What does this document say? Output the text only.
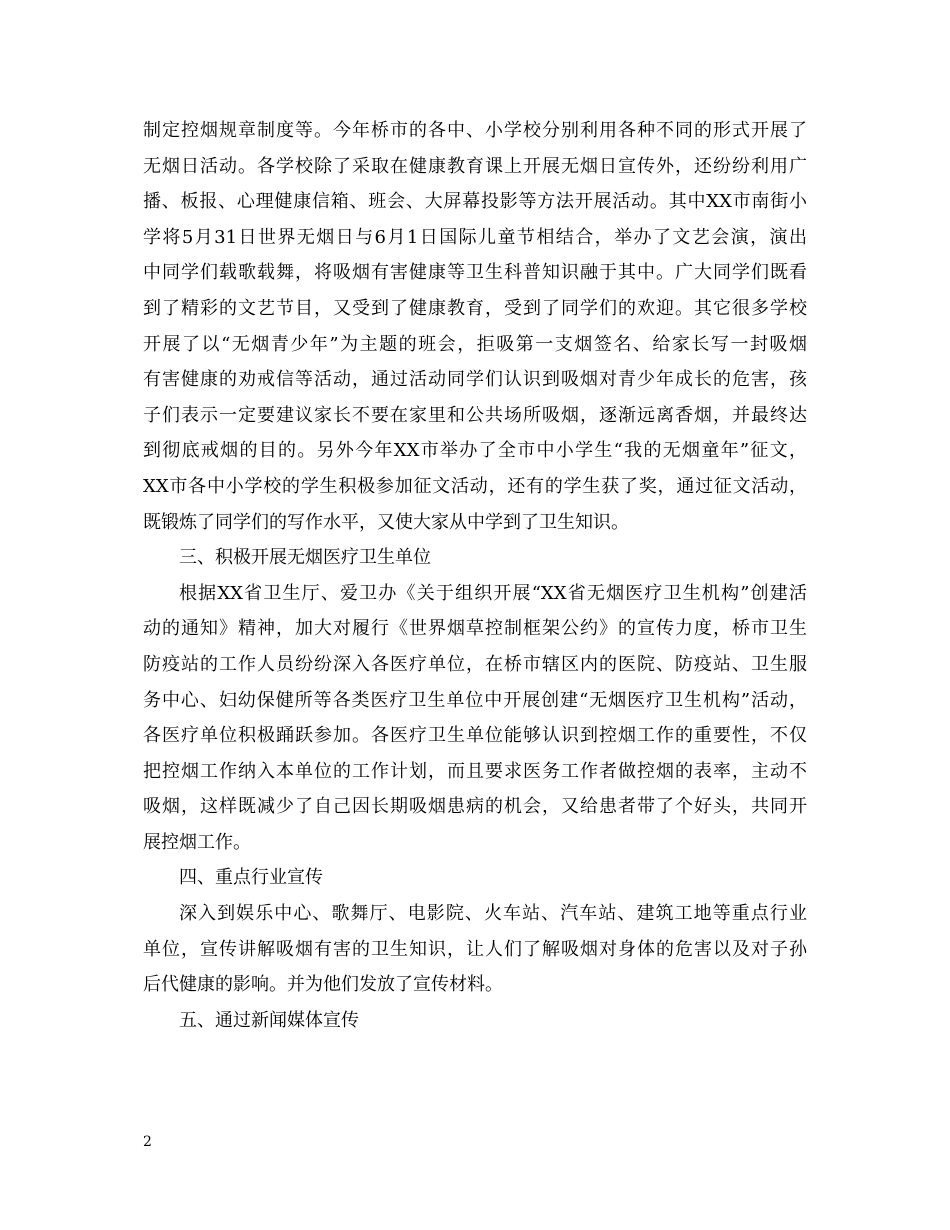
制定控烟规章制度等。今年桥市的各中、小学校分别利用各种不同的形式开展了
无烟日活动。各学校除了采取在健康教育课上开展无烟日宣传外，还纷纷利用广
播、板报、心理健康信箱、班会、大屏幕投影等方法开展活动。其中XX市南街小
学将5月31日世界无烟日与6月1日国际儿童节相结合，举办了文艺会演，演出
中同学们载歌载舞，将吸烟有害健康等卫生科普知识融于其中。广大同学们既看
到了精彩的文艺节目，又受到了健康教育，受到了同学们的欢迎。其它很多学校
开展了以“无烟青少年”为主题的班会，拒吸第一支烟签名、给家长写一封吸烟
有害健康的劝戒信等活动，通过活动同学们认识到吸烟对青少年成长的危害，孩
子们表示一定要建议家长不要在家里和公共场所吸烟，逐渐远离香烟，并最终达
到彻底戒烟的目的。另外今年XX市举办了全市中小学生“我的无烟童年”征文，
XX市各中小学校的学生积极参加征文活动，还有的学生获了奖，通过征文活动，
既锻炼了同学们的写作水平，又使大家从中学到了卫生知识。
三、积极开展无烟医疗卫生单位
根据XX省卫生厅、爱卫办《关于组织开展“XX省无烟医疗卫生机构”创建活
动的通知》精神，加大对履行《世界烟草控制框架公约》的宣传力度，桥市卫生
防疫站的工作人员纷纷深入各医疗单位，在桥市辖区内的医院、防疫站、卫生服
务中心、妇幼保健所等各类医疗卫生单位中开展创建“无烟医疗卫生机构”活动，
各医疗单位积极踊跃参加。各医疗卫生单位能够认识到控烟工作的重要性，不仅
把控烟工作纳入本单位的工作计划，而且要求医务工作者做控烟的表率，主动不
吸烟，这样既减少了自己因长期吸烟患病的机会，又给患者带了个好头，共同开
展控烟工作。
四、重点行业宣传
深入到娱乐中心、歌舞厅、电影院、火车站、汽车站、建筑工地等重点行业
单位，宣传讲解吸烟有害的卫生知识，让人们了解吸烟对身体的危害以及对子孙
后代健康的影响。并为他们发放了宣传材料。
五、通过新闻媒体宣传
2
